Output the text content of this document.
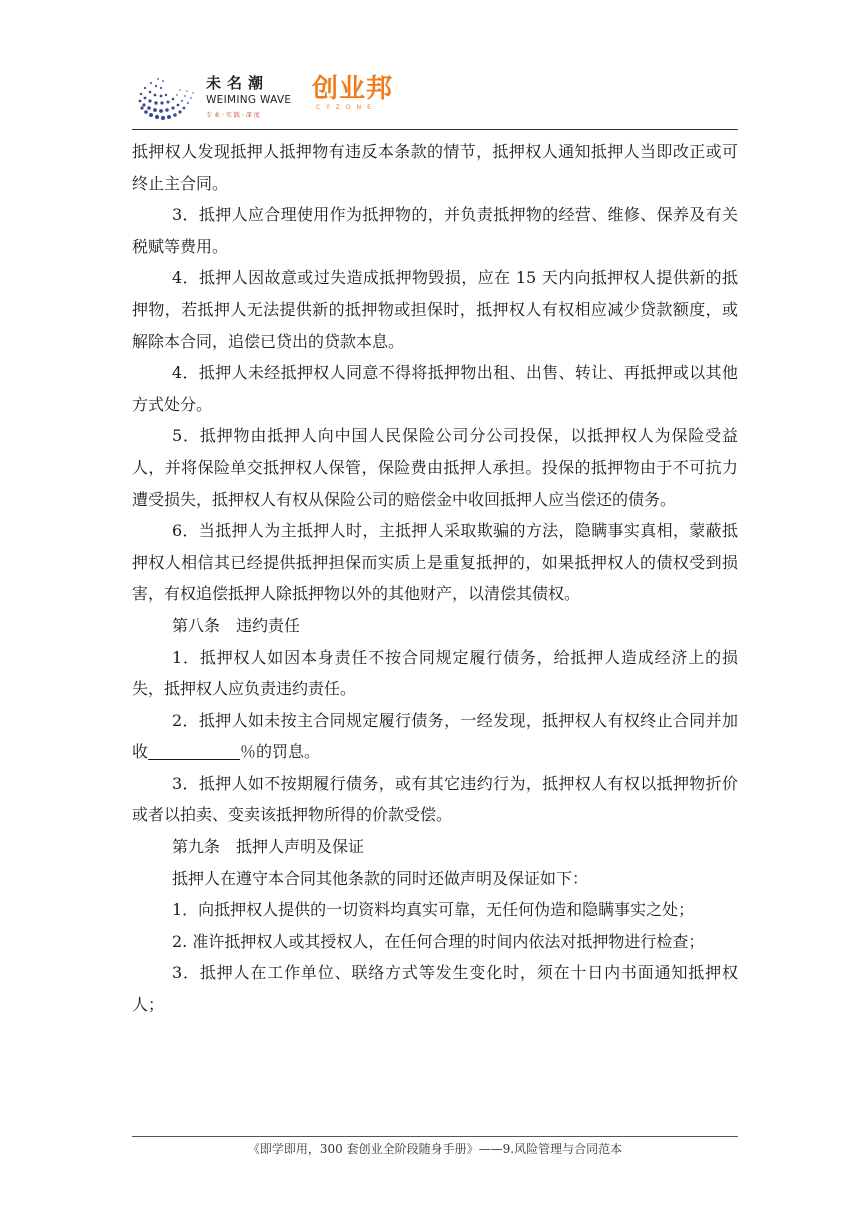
未名潮
WEIMING WAVE
专业·实践·深度
创业邦
CYZONE

抵押权人发现抵押人抵押物有违反本条款的情节，抵押权人通知抵押人当即改正或可终止主合同。

3．抵押人应合理使用作为抵押物的，并负责抵押物的经营、维修、保养及有关税赋等费用。

4．抵押人因故意或过失造成抵押物毁损，应在 15 天内向抵押权人提供新的抵押物，若抵押人无法提供新的抵押物或担保时，抵押权人有权相应减少贷款额度，或解除本合同，追偿已贷出的贷款本息。

4．抵押人未经抵押权人同意不得将抵押物出租、出售、转让、再抵押或以其他方式处分。

5．抵押物由抵押人向中国人民保险公司分公司投保，以抵押权人为保险受益人，并将保险单交抵押权人保管，保险费由抵押人承担。投保的抵押物由于不可抗力遭受损失，抵押权人有权从保险公司的赔偿金中收回抵押人应当偿还的债务。

6．当抵押人为主抵押人时，主抵押人采取欺骗的方法，隐瞒事实真相，蒙蔽抵押权人相信其已经提供抵押担保而实质上是重复抵押的，如果抵押权人的债权受到损害，有权追偿抵押人除抵押物以外的其他财产，以清偿其债权。

第八条　违约责任

1．抵押权人如因本身责任不按合同规定履行债务，给抵押人造成经济上的损失，抵押权人应负责违约责任。

2．抵押人如未按主合同规定履行债务，一经发现，抵押权人有权终止合同并加收	％的罚息。

3．抵押人如不按期履行债务，或有其它违约行为，抵押权人有权以抵押物折价或者以拍卖、变卖该抵押物所得的价款受偿。

第九条　抵押人声明及保证

抵押人在遵守本合同其他条款的同时还做声明及保证如下：

1．向抵押权人提供的一切资料均真实可靠，无任何伪造和隐瞒事实之处；

2. 准许抵押权人或其授权人，在任何合理的时间内依法对抵押物进行检查；

3．抵押人在工作单位、联络方式等发生变化时，须在十日内书面通知抵押权人；

《即学即用，300 套创业全阶段随身手册》——9.风险管理与合同范本
